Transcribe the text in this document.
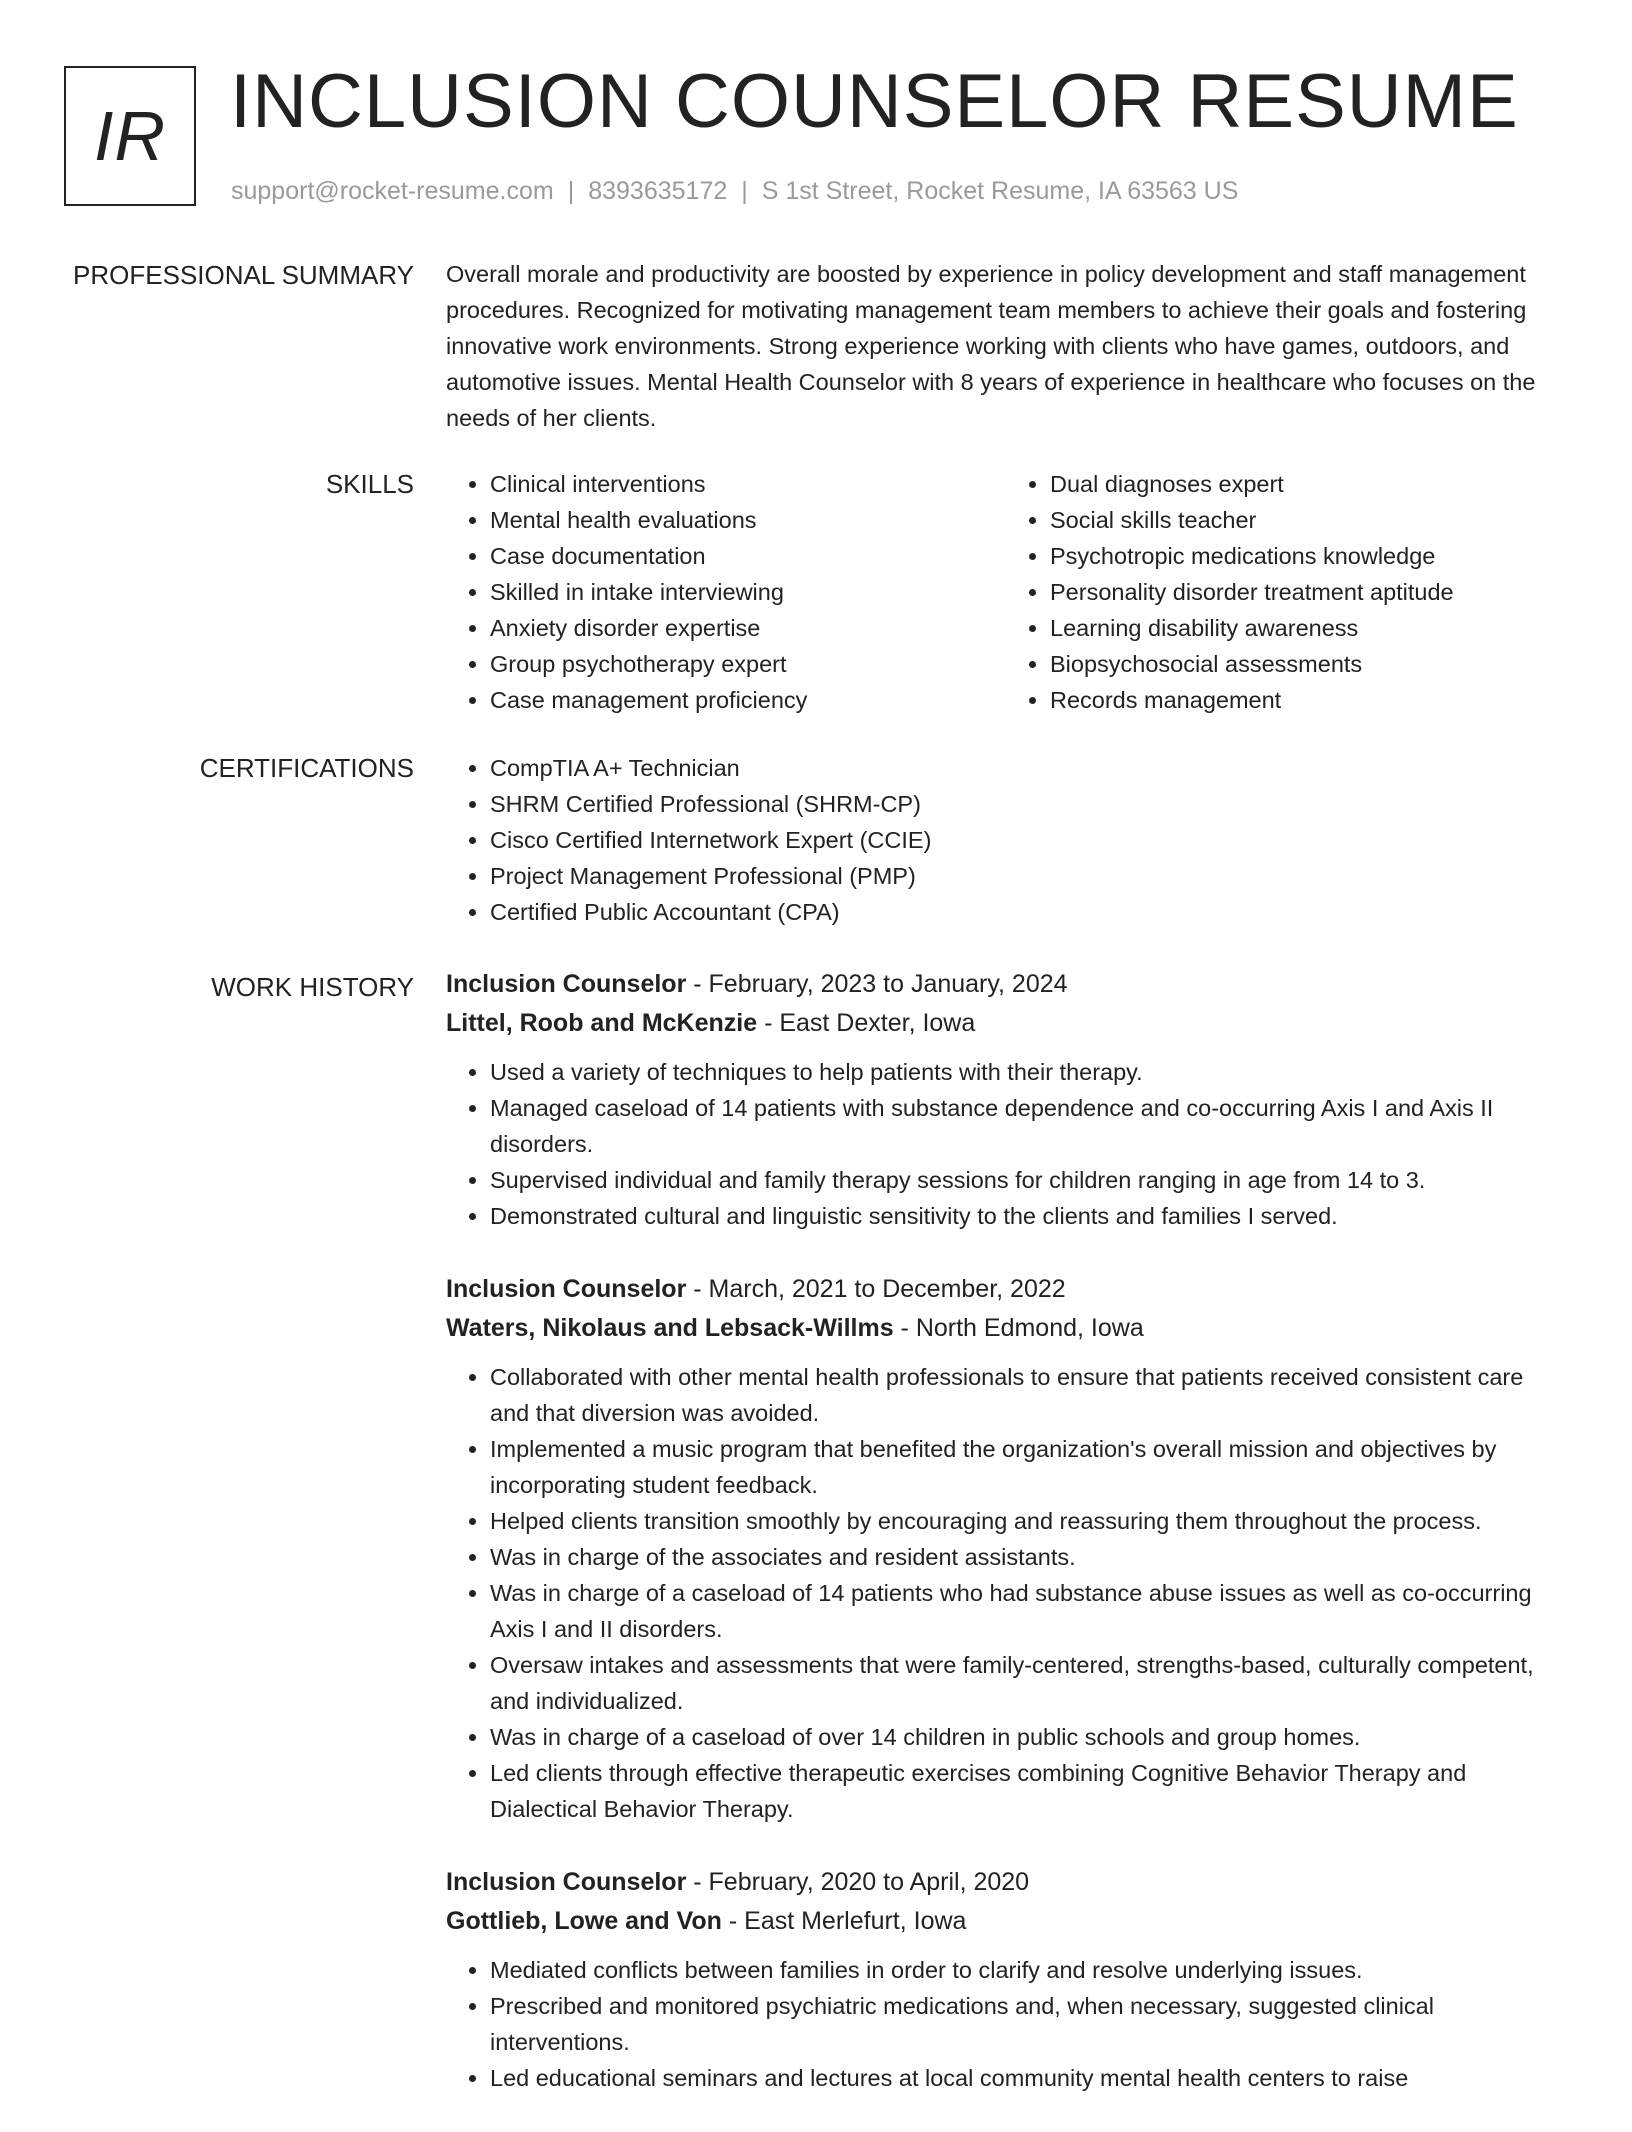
IR INCLUSION COUNSELOR RESUME
support@rocket-resume.com | 8393635172 | S 1st Street, Rocket Resume, IA 63563 US
PROFESSIONAL SUMMARY Overall morale and productivity are boosted by experience in policy development and staff management procedures. Recognized for motivating management team members to achieve their goals and fostering innovative work environments. Strong experience working with clients who have games, outdoors, and automotive issues. Mental Health Counselor with 8 years of experience in healthcare who focuses on the needs of her clients.

SKILLS	• Clinical interventions
• Mental health evaluations
• Case documentation
• Skilled in intake interviewing
• Anxiety disorder expertise
• Group psychotherapy expert
• Case management proficiency
• Dual diagnoses expert
• Social skills teacher
• Psychotropic medications knowledge
• Personality disorder treatment aptitude
• Learning disability awareness
• Biopsychosocial assessments
• Records management
CERTIFICATIONS	• CompTIA A+ Technician
• SHRM Certified Professional (SHRM-CP)
• Cisco Certified Internetwork Expert (CCIE)
• Project Management Professional (PMP)
• Certified Public Accountant (CPA)
WORK HISTORY Inclusion Counselor - February, 2023 to January, 2024
Littel, Roob and McKenzie - East Dexter, Iowa
• Used a variety of techniques to help patients with their therapy.
• Managed caseload of 14 patients with substance dependence and co-occurring Axis I and Axis II disorders.
• Supervised individual and family therapy sessions for children ranging in age from 14 to 3.
• Demonstrated cultural and linguistic sensitivity to the clients and families I served.
Inclusion Counselor - March, 2021 to December, 2022
Waters, Nikolaus and Lebsack-Willms - North Edmond, Iowa
• Collaborated with other mental health professionals to ensure that patients received consistent care and that diversion was avoided.
• Implemented a music program that benefited the organization's overall mission and objectives by incorporating student feedback.
• Helped clients transition smoothly by encouraging and reassuring them throughout the process.
• Was in charge of the associates and resident assistants.
• Was in charge of a caseload of 14 patients who had substance abuse issues as well as co-occurring Axis I and II disorders.
• Oversaw intakes and assessments that were family-centered, strengths-based, culturally competent, and individualized.
• Was in charge of a caseload of over 14 children in public schools and group homes.
• Led clients through effective therapeutic exercises combining Cognitive Behavior Therapy and Dialectical Behavior Therapy.
Inclusion Counselor - February, 2020 to April, 2020
Gottlieb, Lowe and Von - East Merlefurt, Iowa
• Mediated conflicts between families in order to clarify and resolve underlying issues.
• Prescribed and monitored psychiatric medications and, when necessary, suggested clinical interventions.
• Led educational seminars and lectures at local community mental health centers to raise
